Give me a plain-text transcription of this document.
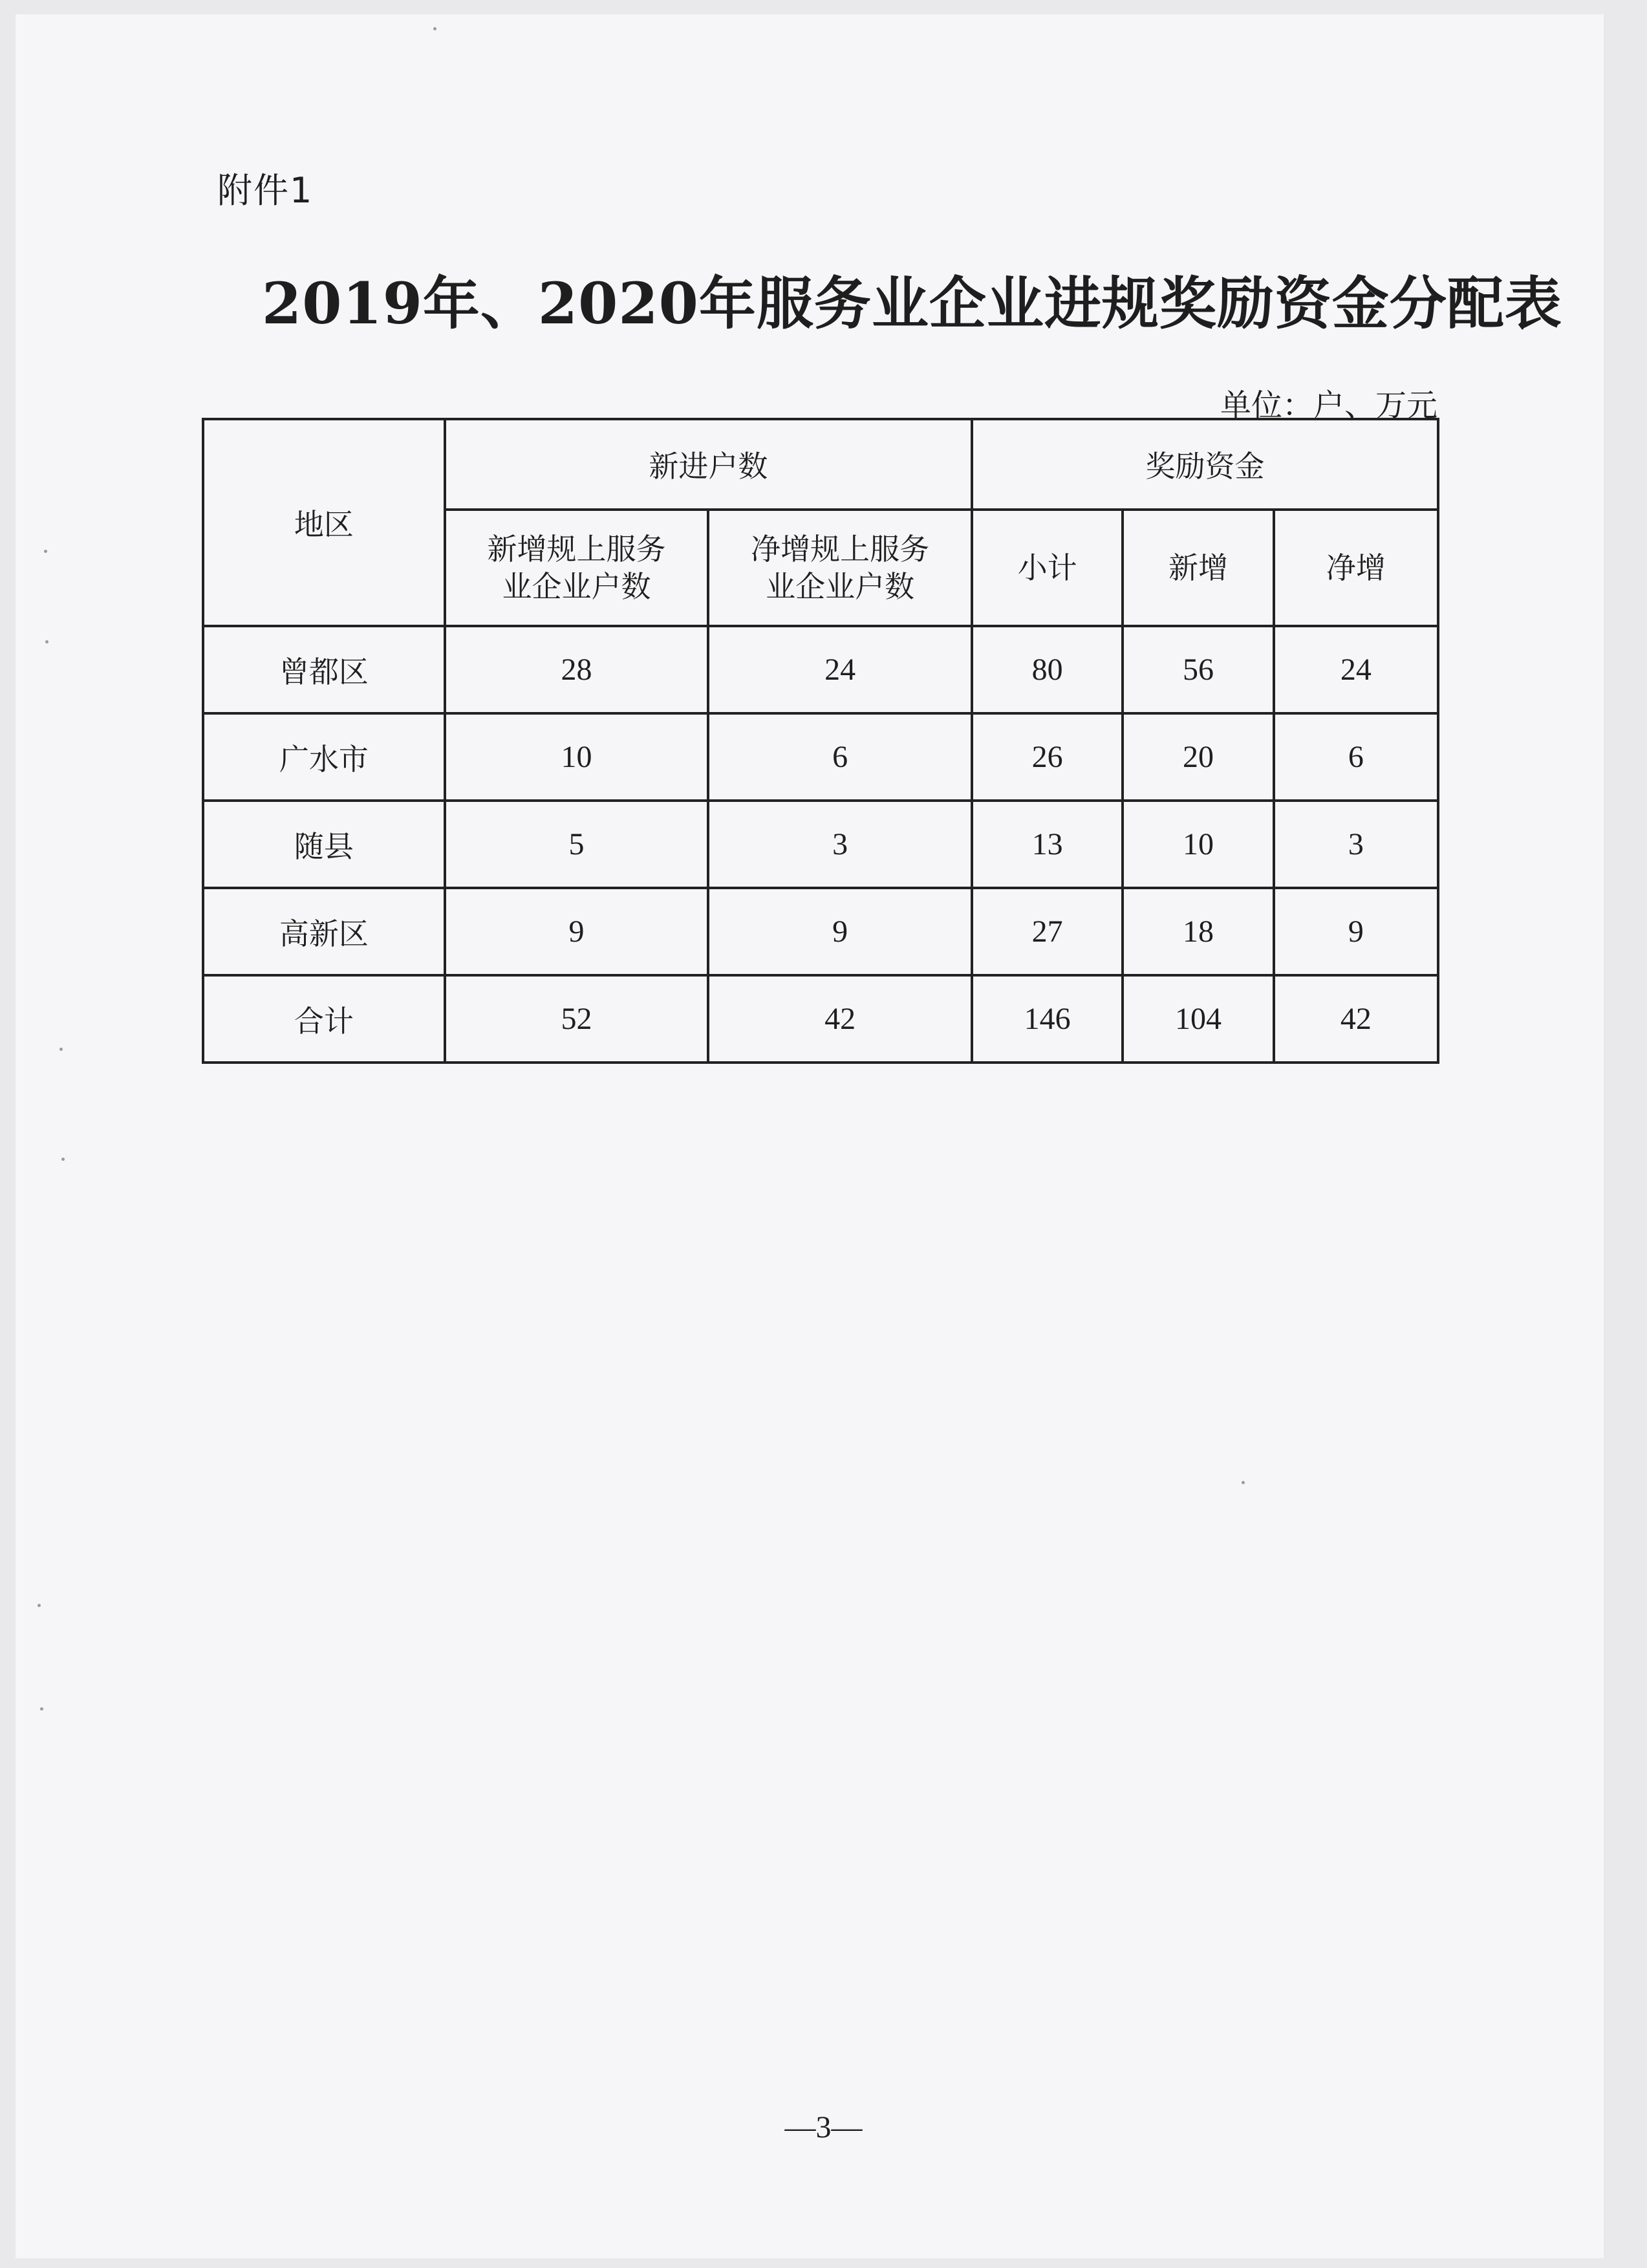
附件1
2019年、2020年服务业企业进规奖励资金分配表
单位：户、万元
地区	新进户数		奖励资金		
	新增规上服务业企业户数	净增规上服务业企业户数	小计	新增	净增
曾都区	28	24	80	56	24
广水市	10	6	26	20	6
随县	5	3	13	10	3
高新区	9	9	27	18	9
合计	52	42	146	104	42
—3—
